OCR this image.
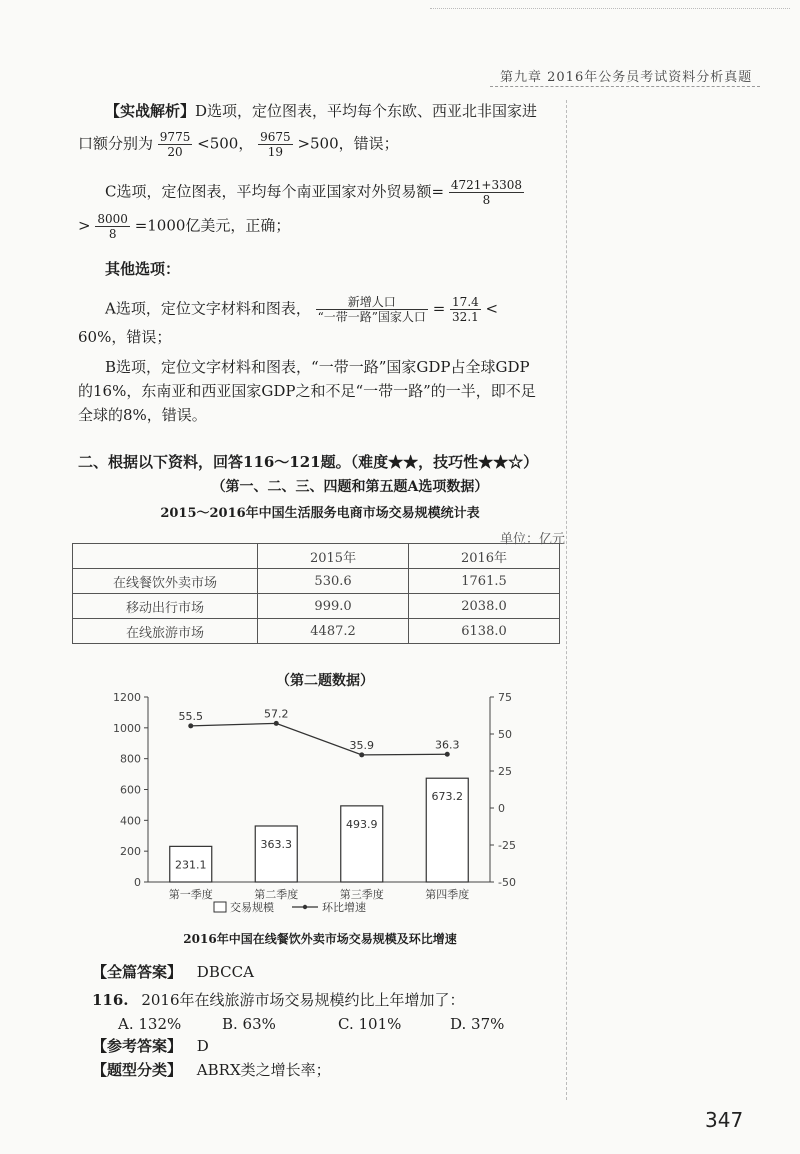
第九章 2016年公务员考试资料分析真题
【实战解析】D选项，定位图表，平均每个东欧、西亚北非国家进
口额分别为 $\frac{9775}{20} <500$， $\frac{9675}{19} >500$，错误；
C选项，定位图表，平均每个南亚国家对外贸易额= $\frac{4721+3308}{8}$
> $\frac{8000}{8} =1000$亿美元，正确；
其他选项：
A选项，定位文字材料和图表， $\frac{\text{新增人口}}{\text{“一带一路”国家人口}} = \frac{17.4}{32.1}$ <
60%，错误；
B选项，定位文字材料和图表，“一带一路”国家GDP占全球GDP
的16%，东南亚和西亚国家GDP之和不足“一带一路”的一半，即不足
全球的8%，错误。
二、根据以下资料，回答116～121题。（难度★★，技巧性★★☆）
（第一、二、三、四题和第五题A选项数据）
2015～2016年中国生活服务电商市场交易规模统计表
单位：亿元
	2015年	2016年
在线餐饮外卖市场	530.6	1761.5
移动出行市场	999.0	2038.0
在线旅游市场	4487.2	6138.0
（第二题数据）
0
200
400
600
800
1000
1200
-50
-25
0
25
50
75
231.1
第一季度
363.3
第二季度
493.9
第三季度
673.2
第四季度
55.5	57.2
35.9	36.3
交易规模	环比增速
2016年中国在线餐饮外卖市场交易规模及环比增速
【全篇答案】 DBCCA
116. 2016年在线旅游市场交易规模约比上年增加了：
A. 132%	B. 63%	C. 101%	D. 37%
【参考答案】 D
【题型分类】 ABRX类之增长率；
347
